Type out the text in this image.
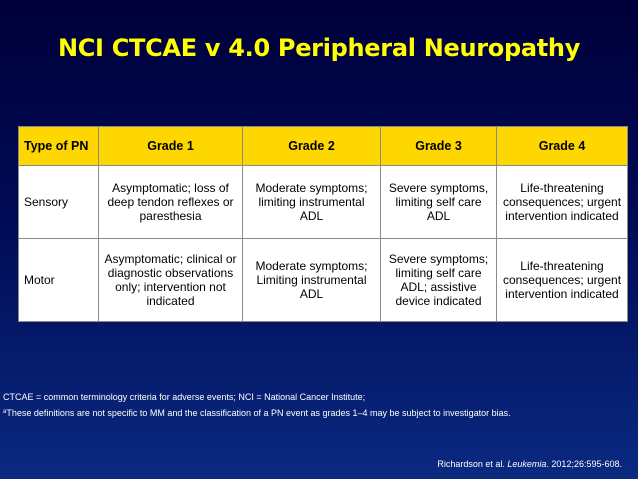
NCI CTCAE v 4.0 Peripheral Neuropathy
Type of PN	Grade 1	Grade 2	Grade 3	Grade 4
Sensory	Asymptomatic; loss of deep tendon reflexes or paresthesia	Moderate symptoms; limiting instrumental ADL	Severe symptoms, limiting self care ADL	Life-threatening consequences; urgent intervention indicated
Motor	Asymptomatic; clinical or diagnostic observations only; intervention not indicated	Moderate symptoms; Limiting instrumental ADL	Severe symptoms; limiting self care ADL; assistive device indicated	Life-threatening consequences; urgent intervention indicated
CTCAE = common terminology criteria for adverse events; NCI = National Cancer Institute;
$^a$These definitions are not specific to MM and the classification of a PN event as grades 1–4 may be subject to investigator bias.
Richardson et al. Leukemia. 2012;26:595-608.
